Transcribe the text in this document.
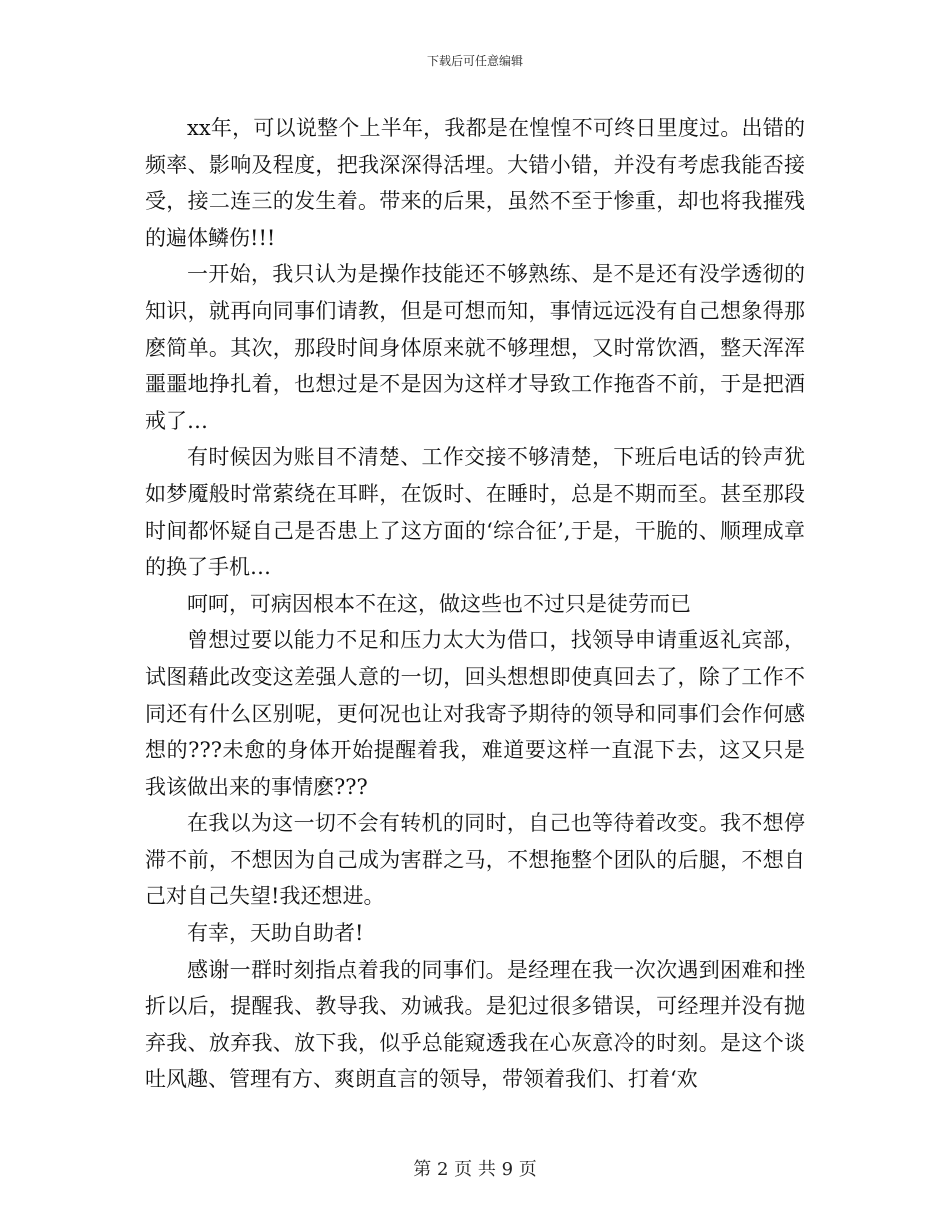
下载后可任意编辑

xx年，可以说整个上半年，我都是在惶惶不可终日里度过。出错的频率、影响及程度，把我深深得活埋。大错小错，并没有考虑我能否接受，接二连三的发生着。带来的后果，虽然不至于惨重，却也将我摧残的遍体鳞伤!!!

一开始，我只认为是操作技能还不够熟练、是不是还有没学透彻的知识，就再向同事们请教，但是可想而知，事情远远没有自己想象得那麽简单。其次，那段时间身体原来就不够理想，又时常饮酒，整天浑浑噩噩地挣扎着，也想过是不是因为这样才导致工作拖沓不前，于是把酒戒了…

有时候因为账目不清楚、工作交接不够清楚，下班后电话的铃声犹如梦魇般时常萦绕在耳畔，在饭时、在睡时，总是不期而至。甚至那段时间都怀疑自己是否患上了这方面的‘综合征’,于是，干脆的、顺理成章的换了手机…

呵呵，可病因根本不在这，做这些也不过只是徒劳而已

曾想过要以能力不足和压力太大为借口，找领导申请重返礼宾部，试图藉此改变这差强人意的一切，回头想想即使真回去了，除了工作不同还有什么区别呢，更何况也让对我寄予期待的领导和同事们会作何感想的???未愈的身体开始提醒着我，难道要这样一直混下去，这又只是我该做出来的事情麽???

在我以为这一切不会有转机的同时，自己也等待着改变。我不想停滞不前，不想因为自己成为害群之马，不想拖整个团队的后腿，不想自己对自己失望!我还想进。

有幸，天助自助者!

感谢一群时刻指点着我的同事们。是经理在我一次次遇到困难和挫折以后，提醒我、教导我、劝诫我。是犯过很多错误，可经理并没有抛弃我、放弃我、放下我，似乎总能窥透我在心灰意冷的时刻。是这个谈吐风趣、管理有方、爽朗直言的领导，带领着我们、打着‘欢

第 2 页 共 9 页
